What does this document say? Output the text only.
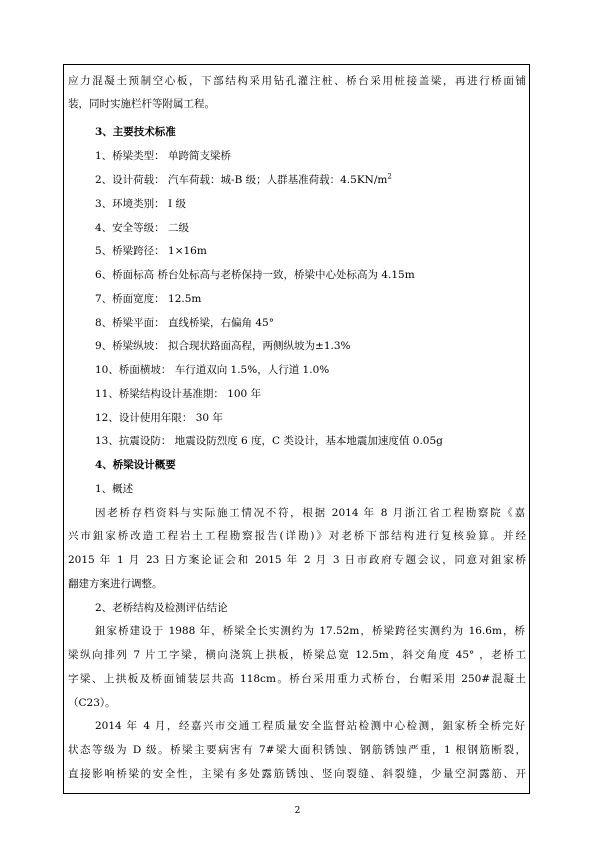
应力混凝土预制空心板，下部结构采用钻孔灌注桩、桥台采用桩接盖梁，再进行桥面铺
装，同时实施栏杆等附属工程。
3、主要技术标准
1、桥梁类型： 单跨简支梁桥
2、设计荷载： 汽车荷载：城-B 级；人群基准荷载：$4.5KN/m^2$
3、环境类别： I 级
4、安全等级： 二级
5、桥梁跨径： 1×16m
6、桥面标高 桥台处标高与老桥保持一致，桥梁中心处标高为 4.15m
7、桥面宽度： 12.5m
8、桥梁平面： 直线桥梁，右偏角 45°
9、桥梁纵坡： 拟合现状路面高程，两侧纵坡为±1.3%
10、桥面横坡： 车行道双向 1.5%，人行道 1.0%
11、桥梁结构设计基准期： 100 年
12、设计使用年限： 30 年
13、抗震设防： 地震设防烈度 6 度，C 类设计，基本地震加速度值 0.05g
4、桥梁设计概要
1、概述
因老桥存档资料与实际施工情况不符，根据 2014 年 8 月浙江省工程勘察院《嘉
兴市鉏家桥改造工程岩土工程勘察报告(详勘)》对老桥下部结构进行复核验算。并经
2015 年 1 月 23 日方案论证会和 2015 年 2 月 3 日市政府专题会议，同意对鉏家桥
翻建方案进行调整。
2、老桥结构及检测评估结论
鉏家桥建设于 1988 年，桥梁全长实测约为 17.52m，桥梁跨径实测约为 16.6m，桥
梁纵向排列 7 片工字梁，横向浇筑上拱板，桥梁总宽 12.5m，斜交角度 45° ，老桥工
字梁、上拱板及桥面铺装层共高 118cm。桥台采用重力式桥台，台帽采用 250#混凝土
（C23）。
2014 年 4 月，经嘉兴市交通工程质量安全监督站检测中心检测，鉏家桥全桥完好
状态等级为 D 级。桥梁主要病害有 7#梁大面积锈蚀、钢筋锈蚀严重，1 根钢筋断裂，
直接影响桥梁的安全性，主梁有多处露筋锈蚀、竖向裂缝、斜裂缝，少量空洞露筋、开
2
